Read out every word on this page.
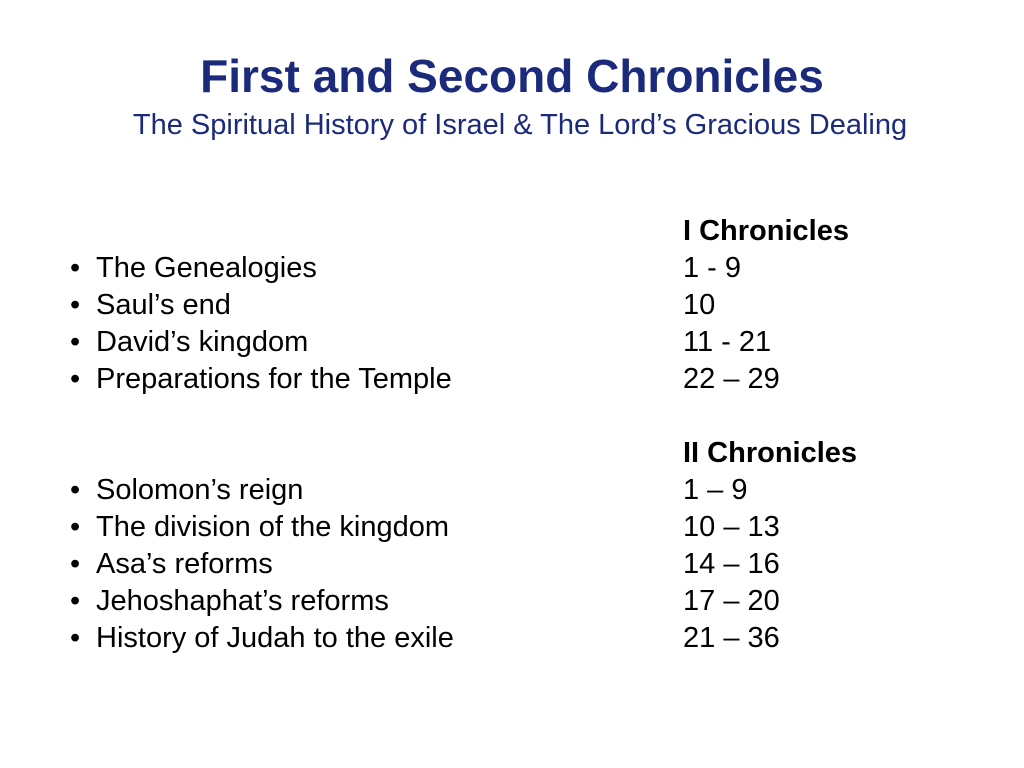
First and Second Chronicles
The Spiritual History of Israel & The Lord’s Gracious Dealing
I Chronicles
• The Genealogies	1 - 9
• Saul’s end	10
• David’s kingdom	11 - 21
• Preparations for the Temple	22 – 29
II Chronicles
• Solomon’s reign	1 – 9
• The division of the kingdom	10 – 13
• Asa’s reforms	14 – 16
• Jehoshaphat’s reforms	17 – 20
• History of Judah to the exile	21 – 36
